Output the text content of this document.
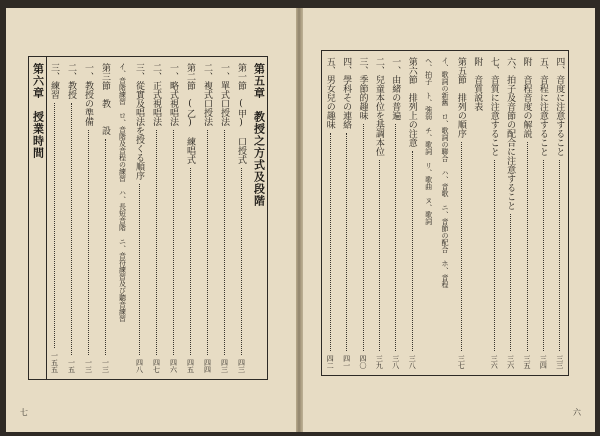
第五章　教授之方式及段階
第一節　(甲)　口授式
四三
一、單式口授法
四三
二、複式口授法
四四
第二節　(乙)　練唱式
四五
一、略式視唱法
四六
二、正式視唱法
四七
三、從實及唱法を授くる順序
四八
イ、音階練習　ロ、音階及音程の練習　ハ、長短音階　ニ、音符練習及び聽音練習
第三節　教　　設
一三
一、教授の準備
一三
二、教授
一五
三、練習
一五五
第六章　授業時間
七
四、音度に注意すること
三三
五、音程に注意すること
三四
附　音程音度の解説
三五
六、拍子及音節の配合に注意すること
三六
七、音質に注意すること
三六
附　音質説表
第五節　排列の順序
三七
イ、歌詞の新舊　ロ、歌詞の聯合　ハ、音歌　ニ、音節の配合　ホ、音程
ヘ、拍子　ト、強弱　チ、歌詞　リ、歌曲　ヌ、歌詞
第六節　排列上の注意
三八
一、由緒の普遍
三八
二、兒童本位を基調本位
三九
三、季節的趣味
四〇
四、學科その連絡
四一
五、男女兒の趣味
四二
六
